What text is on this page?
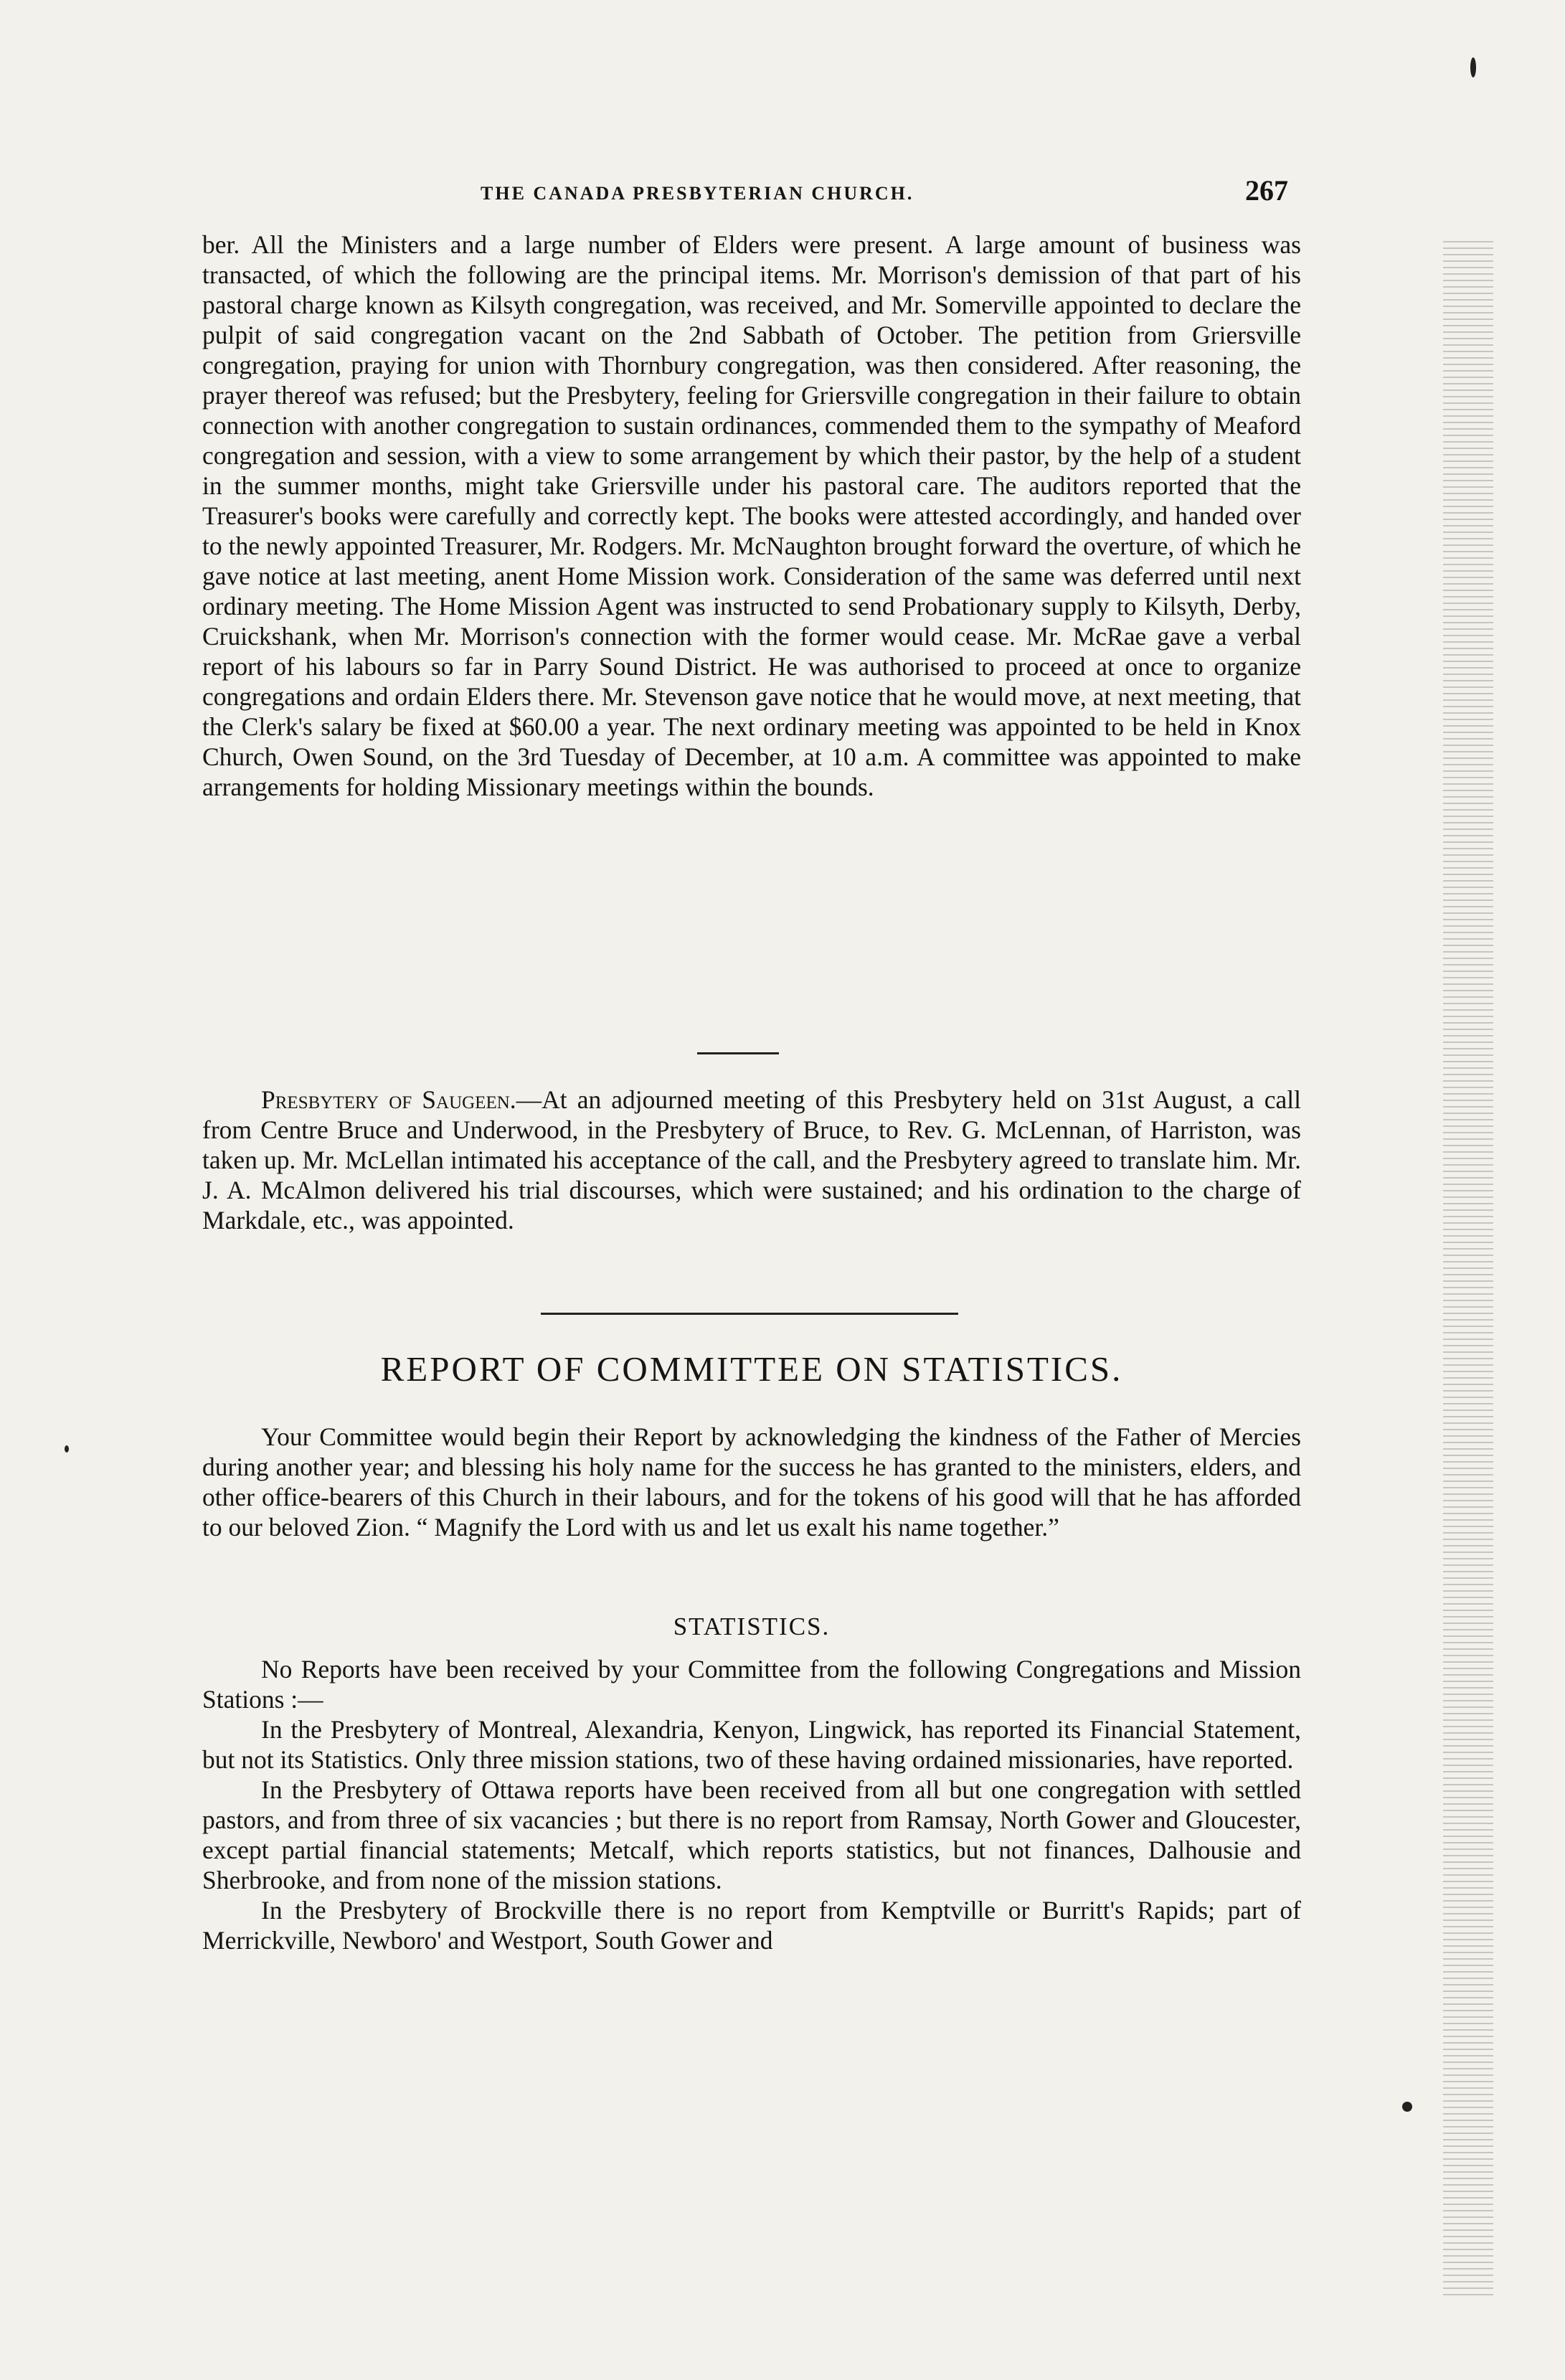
THE CANADA PRESBYTERIAN CHURCH.	267

ber. All the Ministers and a large number of Elders were present. A large amount of business was transacted, of which the following are the principal items. Mr. Morrison's demission of that part of his pastoral charge known as Kilsyth congregation, was received, and Mr. Somerville appointed to declare the pulpit of said congregation vacant on the 2nd Sabbath of October. The petition from Griersville congregation, praying for union with Thornbury congregation, was then considered. After reasoning, the prayer thereof was refused; but the Presbytery, feeling for Griersville congregation in their failure to obtain connection with another congregation to sustain ordinances, commended them to the sympathy of Meaford congregation and session, with a view to some arrangement by which their pastor, by the help of a student in the summer months, might take Griersville under his pastoral care. The auditors reported that the Treasurer's books were carefully and correctly kept. The books were attested accordingly, and handed over to the newly appointed Treasurer, Mr. Rodgers. Mr. McNaughton brought forward the overture, of which he gave notice at last meeting, anent Home Mission work. Consideration of the same was deferred until next ordinary meeting. The Home Mission Agent was instructed to send Probationary supply to Kilsyth, Derby, Cruickshank, when Mr. Morrison's connection with the former would cease. Mr. McRae gave a verbal report of his labours so far in Parry Sound District. He was authorised to proceed at once to organize congregations and ordain Elders there. Mr. Stevenson gave notice that he would move, at next meeting, that the Clerk's salary be fixed at $60.00 a year. The next ordinary meeting was appointed to be held in Knox Church, Owen Sound, on the 3rd Tuesday of December, at 10 a.m. A committee was appointed to make arrangements for holding Missionary meetings within the bounds.

Presbytery of Saugeen.—At an adjourned meeting of this Presbytery held on 31st August, a call from Centre Bruce and Underwood, in the Presbytery of Bruce, to Rev. G. McLennan, of Harriston, was taken up. Mr. McLellan intimated his acceptance of the call, and the Presbytery agreed to translate him. Mr. J. A. McAlmon delivered his trial discourses, which were sustained; and his ordination to the charge of Markdale, etc., was appointed.

REPORT OF COMMITTEE ON STATISTICS.

Your Committee would begin their Report by acknowledging the kindness of the Father of Mercies during another year; and blessing his holy name for the success he has granted to the ministers, elders, and other office-bearers of this Church in their labours, and for the tokens of his good will that he has afforded to our beloved Zion. “ Magnify the Lord with us and let us exalt his name together.”

STATISTICS.

No Reports have been received by your Committee from the following Congregations and Mission Stations :—

In the Presbytery of Montreal, Alexandria, Kenyon, Lingwick, has reported its Financial Statement, but not its Statistics. Only three mission stations, two of these having ordained missionaries, have reported.

In the Presbytery of Ottawa reports have been received from all but one congregation with settled pastors, and from three of six vacancies ; but there is no report from Ramsay, North Gower and Gloucester, except partial financial statements; Metcalf, which reports statistics, but not finances, Dalhousie and Sherbrooke, and from none of the mission stations.

In the Presbytery of Brockville there is no report from Kemptville or Burritt's Rapids; part of Merrickville, Newboro' and Westport, South Gower and
